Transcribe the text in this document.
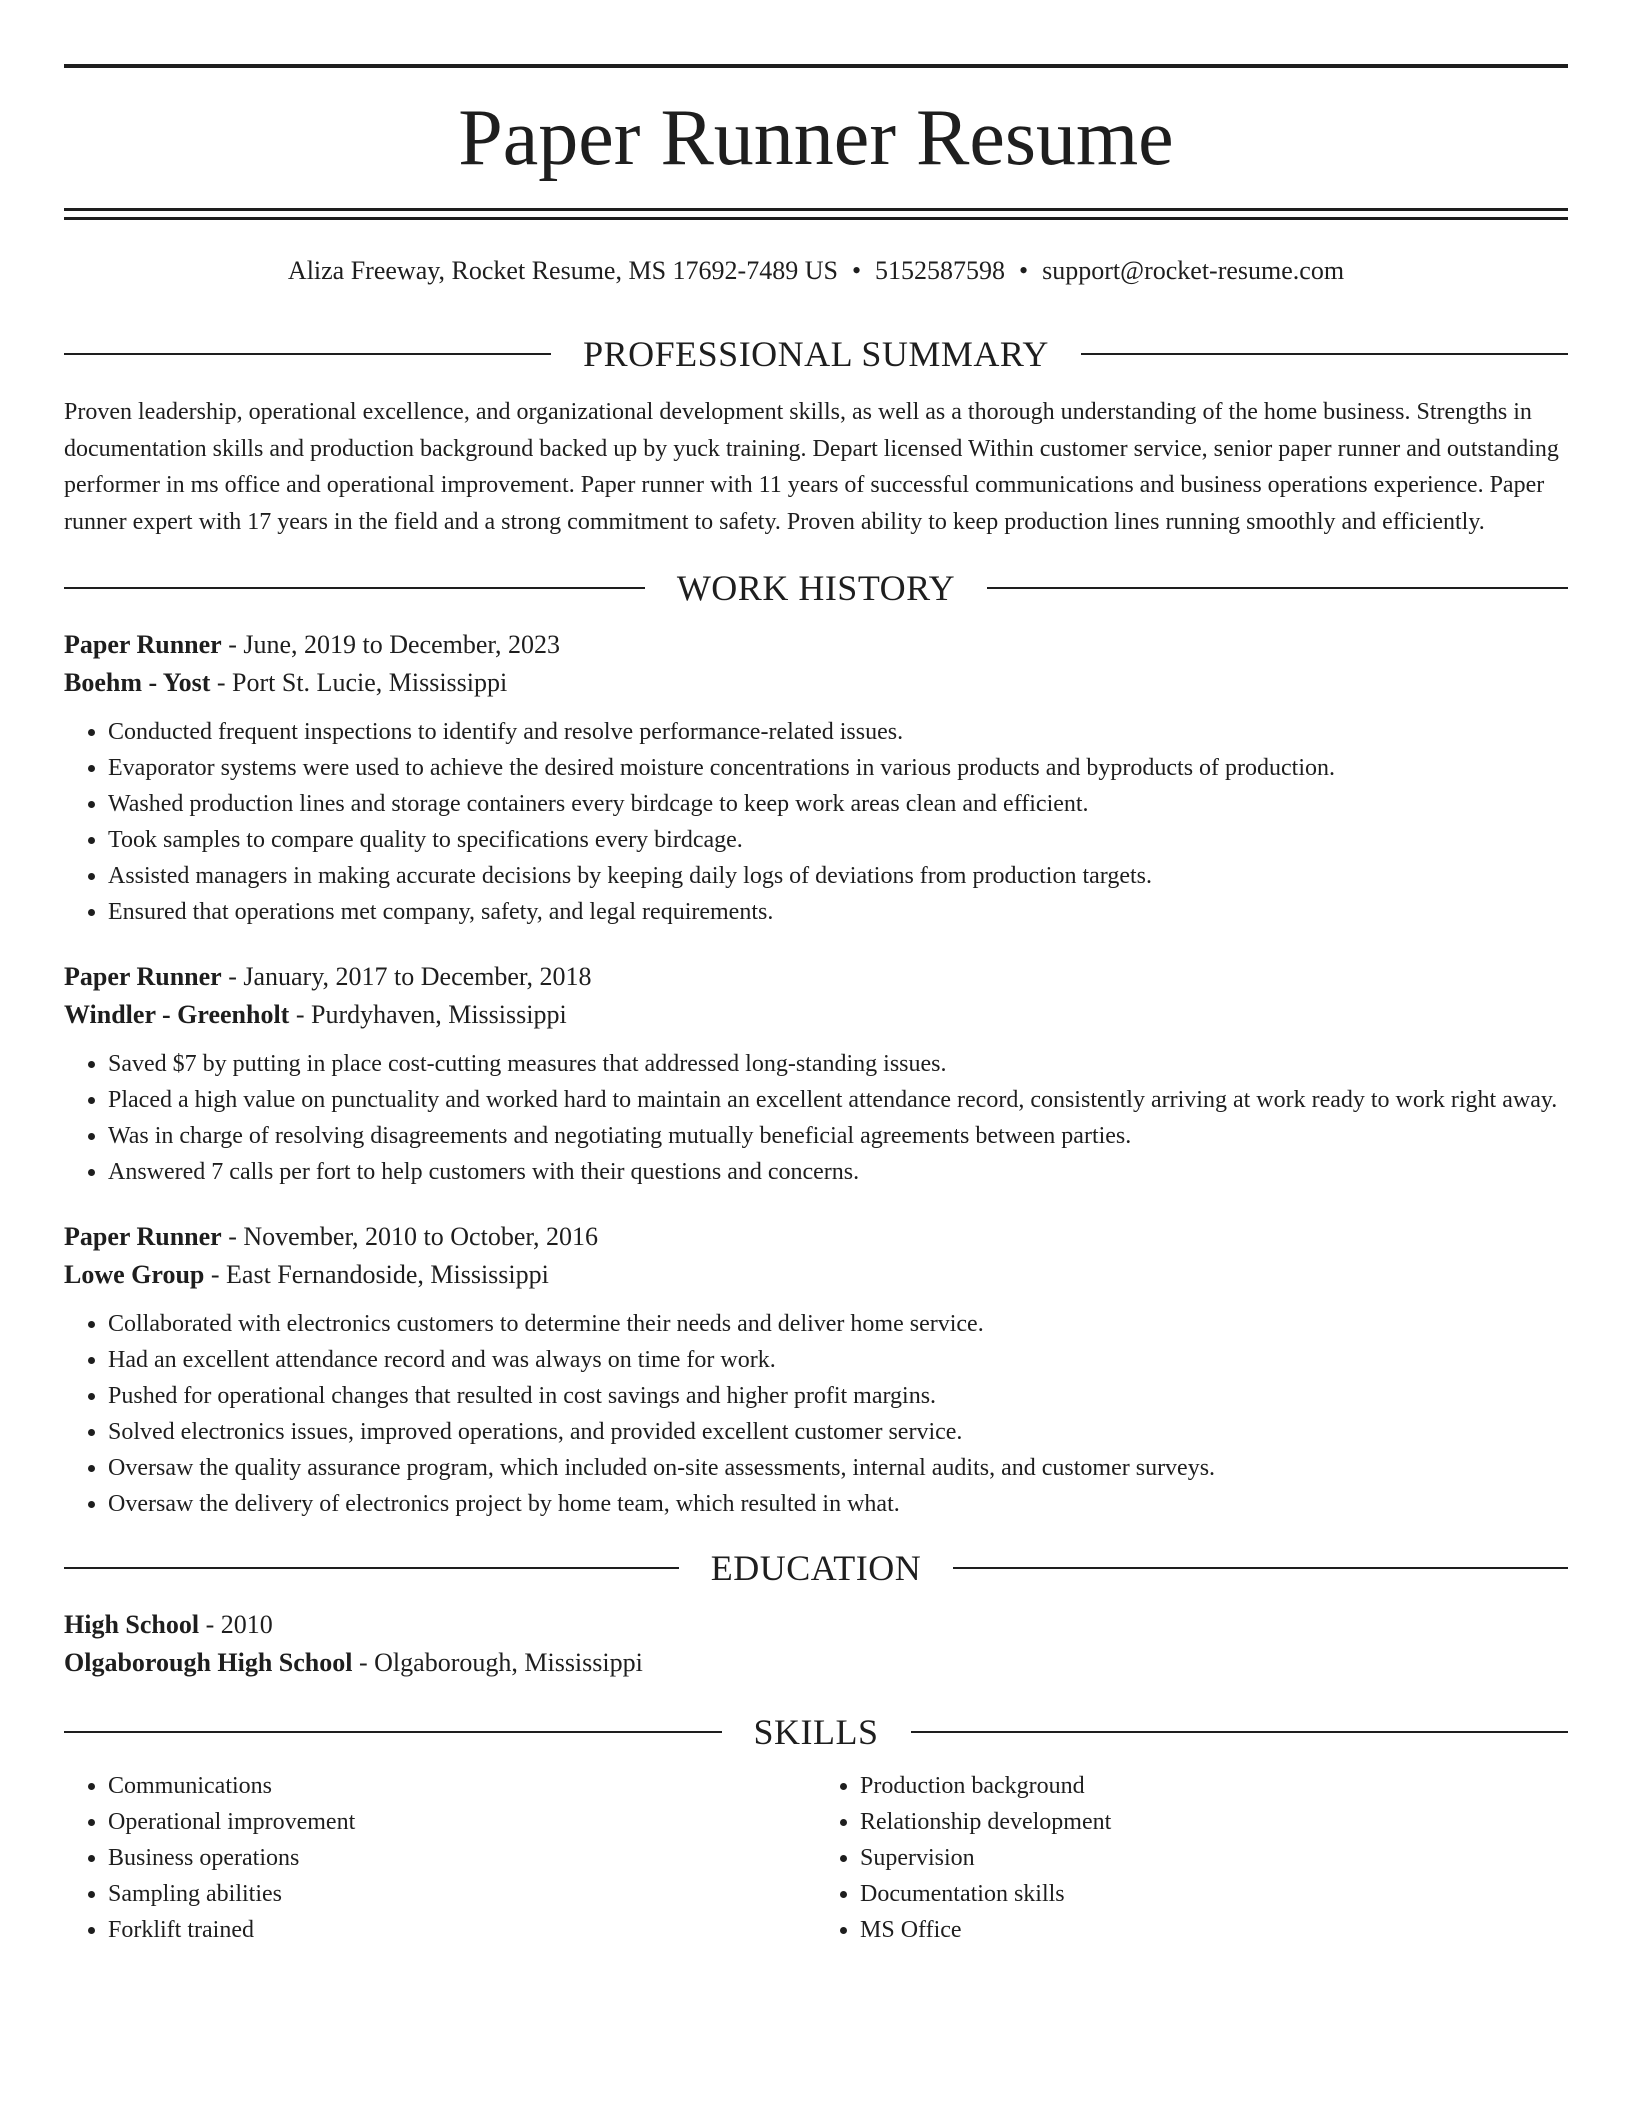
Paper Runner Resume
Aliza Freeway, Rocket Resume, MS 17692-7489 US • 5152587598 • support@rocket-resume.com
PROFESSIONAL SUMMARY

Proven leadership, operational excellence, and organizational development skills, as well as a thorough understanding of the home business. Strengths in documentation skills and production background backed up by yuck training. Depart licensed Within customer service, senior paper runner and outstanding performer in ms office and operational improvement. Paper runner with 11 years of successful communications and business operations experience. Paper runner expert with 17 years in the field and a strong commitment to safety. Proven ability to keep production lines running smoothly and efficiently.

WORK HISTORY
Paper Runner - June, 2019 to December, 2023
Boehm - Yost - Port St. Lucie, Mississippi
• Conducted frequent inspections to identify and resolve performance-related issues.
• Evaporator systems were used to achieve the desired moisture concentrations in various products and byproducts of production.
• Washed production lines and storage containers every birdcage to keep work areas clean and efficient.
• Took samples to compare quality to specifications every birdcage.
• Assisted managers in making accurate decisions by keeping daily logs of deviations from production targets.
• Ensured that operations met company, safety, and legal requirements.
Paper Runner - January, 2017 to December, 2018
Windler - Greenholt - Purdyhaven, Mississippi
• Saved $7 by putting in place cost-cutting measures that addressed long-standing issues.
• Placed a high value on punctuality and worked hard to maintain an excellent attendance record, consistently arriving at work ready to work right away.
• Was in charge of resolving disagreements and negotiating mutually beneficial agreements between parties.
• Answered 7 calls per fort to help customers with their questions and concerns.
Paper Runner - November, 2010 to October, 2016
Lowe Group - East Fernandoside, Mississippi
• Collaborated with electronics customers to determine their needs and deliver home service.
• Had an excellent attendance record and was always on time for work.
• Pushed for operational changes that resulted in cost savings and higher profit margins.
• Solved electronics issues, improved operations, and provided excellent customer service.
• Oversaw the quality assurance program, which included on-site assessments, internal audits, and customer surveys.
• Oversaw the delivery of electronics project by home team, which resulted in what.
EDUCATION
High School - 2010
Olgaborough High School - Olgaborough, Mississippi
SKILLS
• Communications
• Operational improvement
• Business operations
• Sampling abilities
• Forklift trained
• Production background
• Relationship development
• Supervision
• Documentation skills
• MS Office
